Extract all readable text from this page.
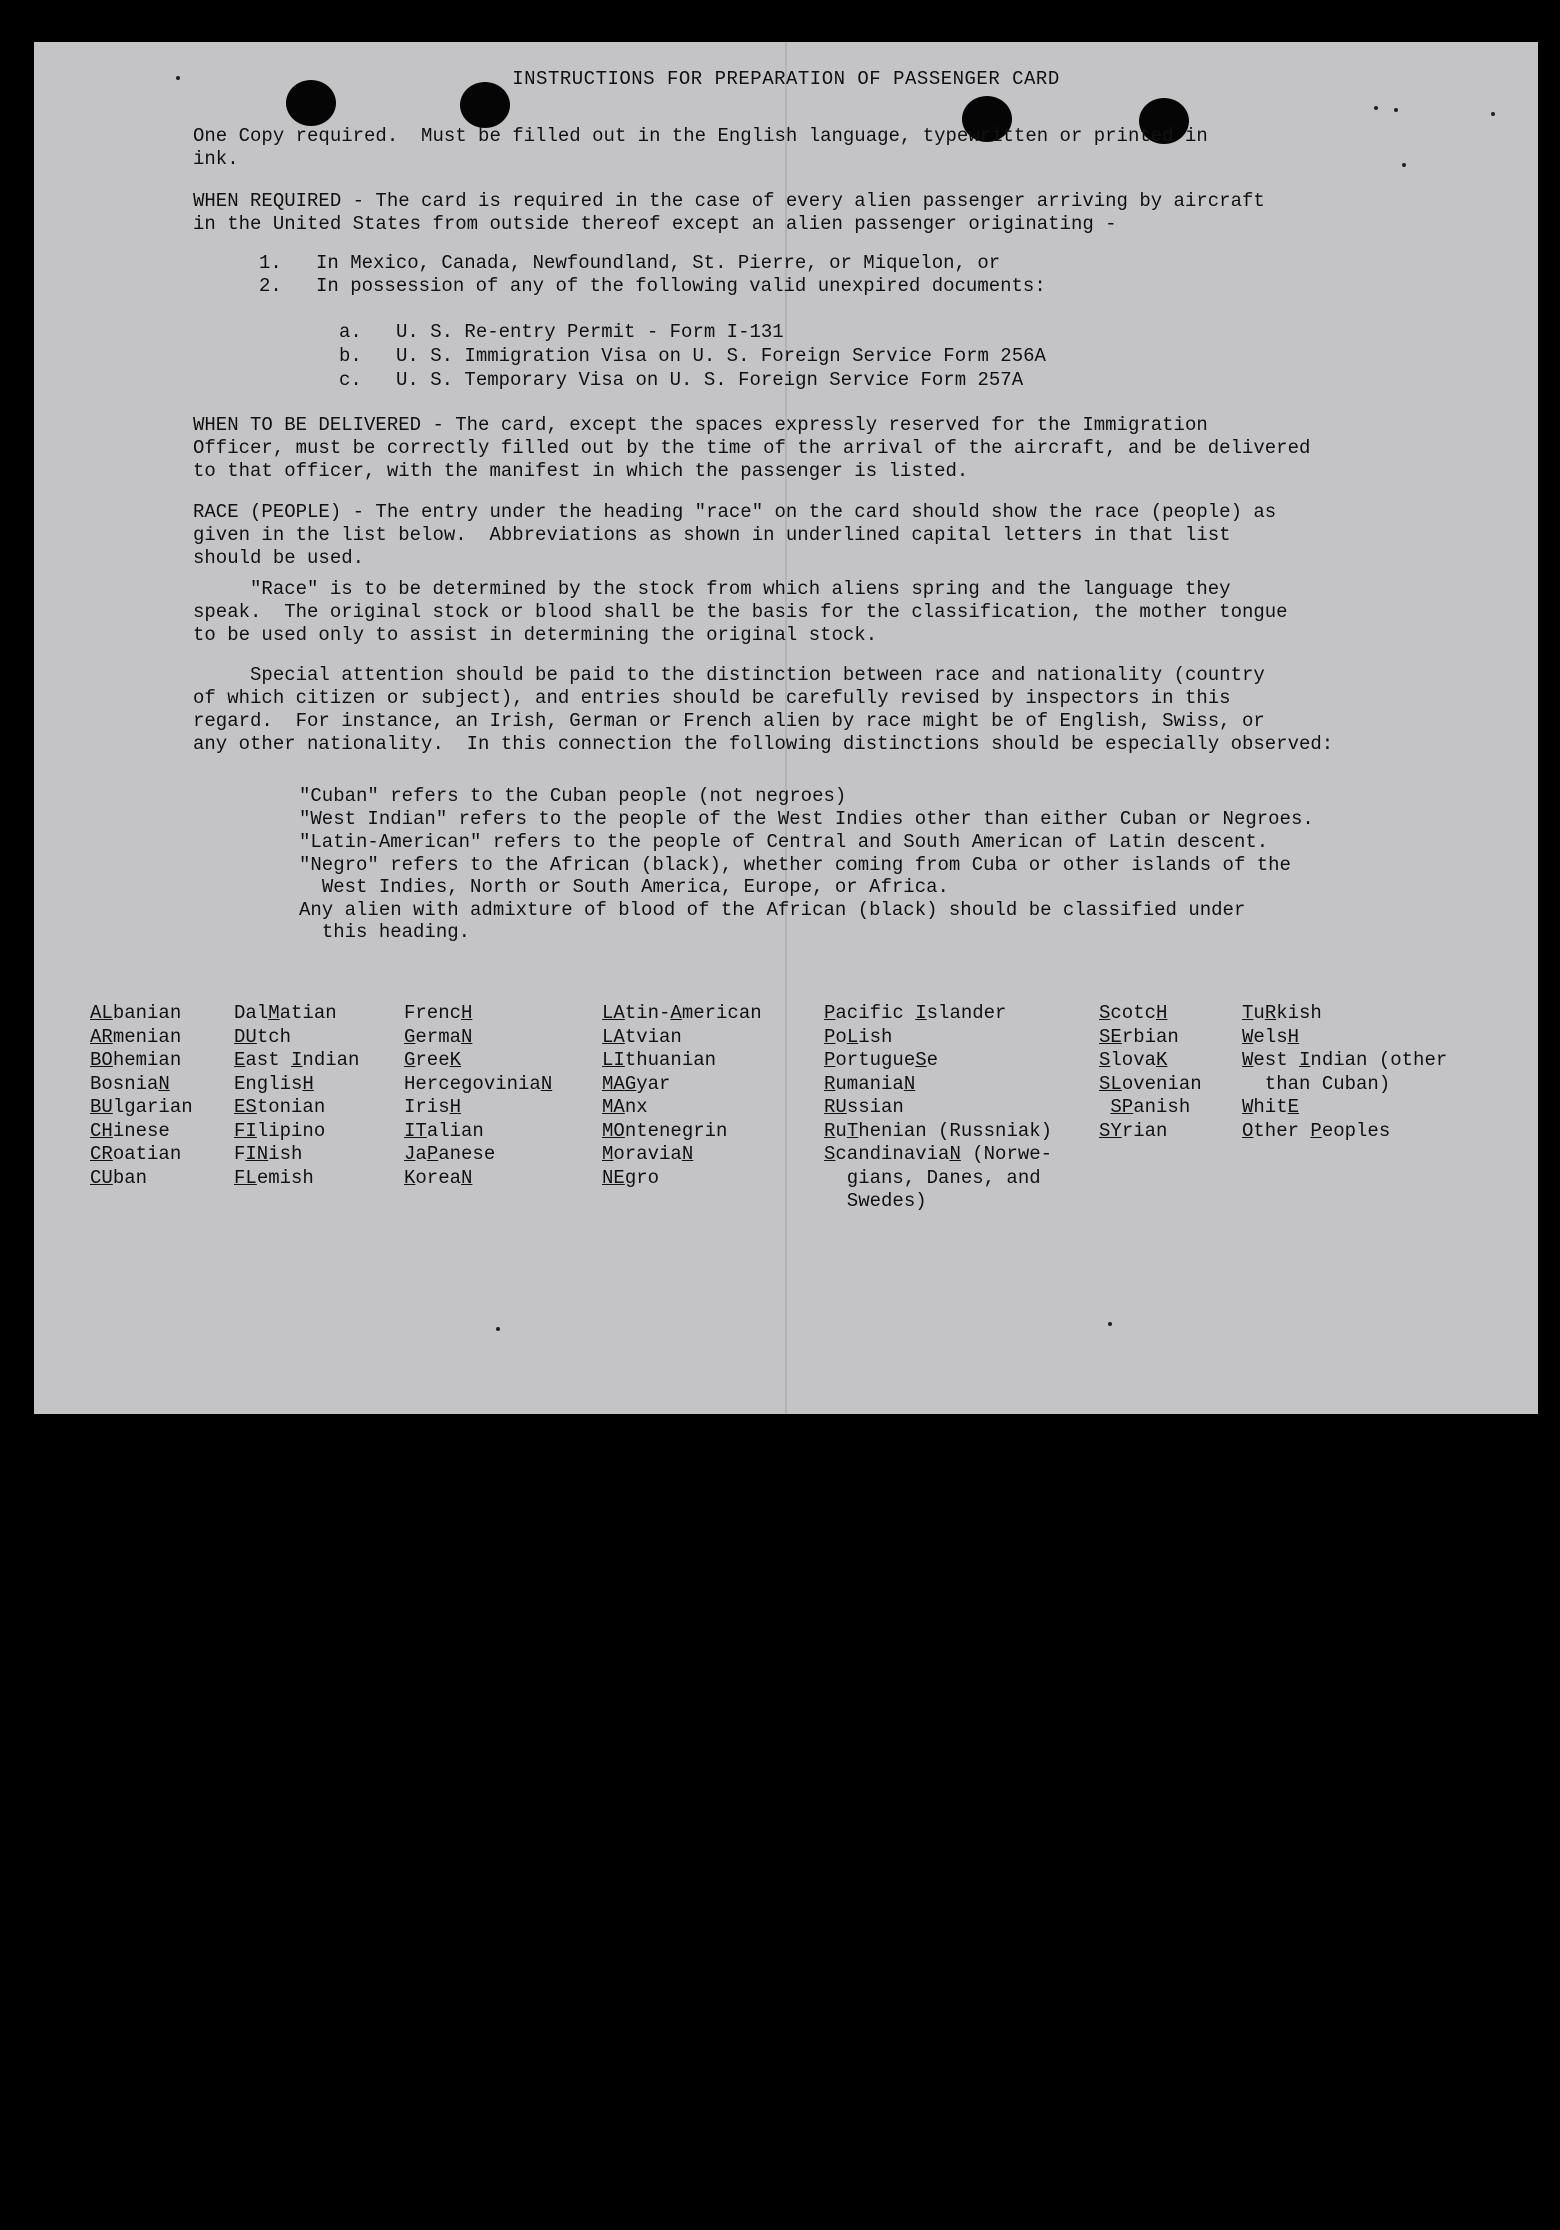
INSTRUCTIONS FOR PREPARATION OF PASSENGER CARD
One Copy required.  Must be filled out in the English language, typewritten or printed in
ink.
WHEN REQUIRED - The card is required in the case of every alien passenger arriving by aircraft
in the United States from outside thereof except an alien passenger originating -
1.   In Mexico, Canada, Newfoundland, St. Pierre, or Miquelon, or
2.   In possession of any of the following valid unexpired documents:
a.   U. S. Re-entry Permit - Form I-131
b.   U. S. Immigration Visa on U. S. Foreign Service Form 256A
c.   U. S. Temporary Visa on U. S. Foreign Service Form 257A
WHEN TO BE DELIVERED - The card, except the spaces expressly reserved for the Immigration
Officer, must be correctly filled out by the time of the arrival of the aircraft, and be delivered
to that officer, with the manifest in which the passenger is listed.
RACE (PEOPLE) - The entry under the heading "race" on the card should show the race (people) as
given in the list below.  Abbreviations as shown in underlined capital letters in that list
should be used.
"Race" is to be determined by the stock from which aliens spring and the language they
speak.  The original stock or blood shall be the basis for the classification, the mother tongue
to be used only to assist in determining the original stock.
Special attention should be paid to the distinction between race and nationality (country
of which citizen or subject), and entries should be carefully revised by inspectors in this
regard.  For instance, an Irish, German or French alien by race might be of English, Swiss, or
any other nationality.  In this connection the following distinctions should be especially observed:
"Cuban" refers to the Cuban people (not negroes)
"West Indian" refers to the people of the West Indies other than either Cuban or Negroes.
"Latin-American" refers to the people of Central and South American of Latin descent.
"Negro" refers to the African (black), whether coming from Cuba or other islands of the
West Indies, North or South America, Europe, or Africa.
Any alien with admixture of blood of the African (black) should be classified under
this heading.
ALbanian
ARmenian
BOhemian
BosniaN
BUlgarian
CHinese
CRoatian
CUban
DalMatian
DUtch
East Indian
EnglisH
EStonian
FIlipino
FINish
FLemish
FrencH
GermaN
GreeK
HercegoviniaN
IrisH
ITalian
JaPanese
KoreaN
LAtin-American
LAtvian
LIthuanian
MAGyar
MAnx
MOntenegrin
MoraviaN
NEgro
Pacific Islander
PoLish
PortugueSe
RumaniaN
RUssian
RuThenian (Russniak)
ScandinaviaN (Norwe-
gians, Danes, and
Swedes)
ScotcH
SErbian
SlovaK
SLovenian
SPanish
SYrian
TuRkish
WelsH
West Indian (other
than Cuban)
WhitE
Other Peoples
